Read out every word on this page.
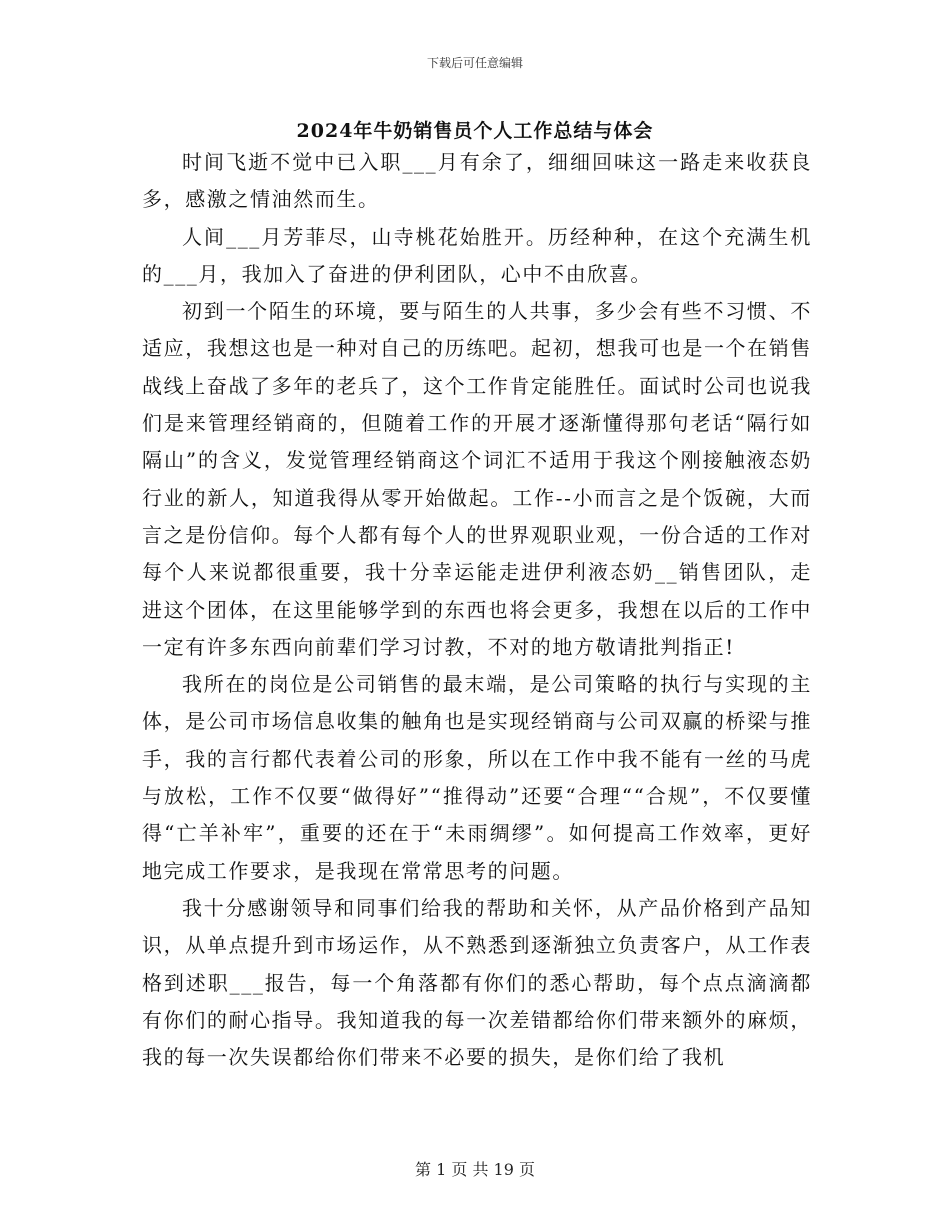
下载后可任意编辑
2024年牛奶销售员个人工作总结与体会

时间飞逝不觉中已入职___月有余了，细细回味这一路走来收获良多，感激之情油然而生。

人间___月芳菲尽，山寺桃花始胜开。历经种种，在这个充满生机的___月，我加入了奋进的伊利团队，心中不由欣喜。

初到一个陌生的环境，要与陌生的人共事，多少会有些不习惯、不适应，我想这也是一种对自己的历练吧。起初，想我可也是一个在销售战线上奋战了多年的老兵了，这个工作肯定能胜任。面试时公司也说我们是来管理经销商的，但随着工作的开展才逐渐懂得那句老话“隔行如隔山”的含义，发觉管理经销商这个词汇不适用于我这个刚接触液态奶行业的新人，知道我得从零开始做起。工作--小而言之是个饭碗，大而言之是份信仰。每个人都有每个人的世界观职业观，一份合适的工作对每个人来说都很重要，我十分幸运能走进伊利液态奶__销售团队，走进这个团体，在这里能够学到的东西也将会更多，我想在以后的工作中一定有许多东西向前辈们学习讨教，不对的地方敬请批判指正!

我所在的岗位是公司销售的最末端，是公司策略的执行与实现的主体，是公司市场信息收集的触角也是实现经销商与公司双赢的桥梁与推手，我的言行都代表着公司的形象，所以在工作中我不能有一丝的马虎与放松，工作不仅要“做得好”“推得动”还要“合理““合规”，不仅要懂得“亡羊补牢”，重要的还在于“未雨绸缪”。如何提高工作效率，更好地完成工作要求，是我现在常常思考的问题。

我十分感谢领导和同事们给我的帮助和关怀，从产品价格到产品知识，从单点提升到市场运作，从不熟悉到逐渐独立负责客户，从工作表格到述职___报告，每一个角落都有你们的悉心帮助，每个点点滴滴都有你们的耐心指导。我知道我的每一次差错都给你们带来额外的麻烦，我的每一次失误都给你们带来不必要的损失，是你们给了我机

第 1 页 共 19 页
